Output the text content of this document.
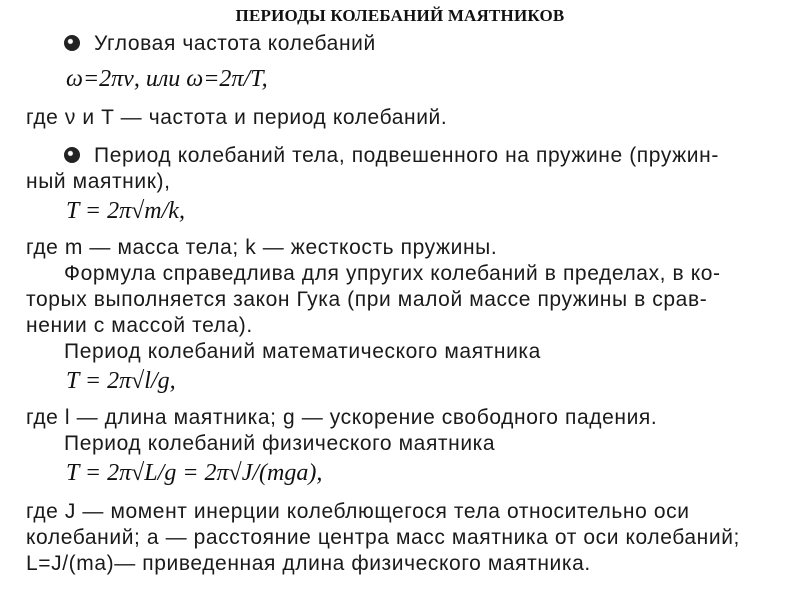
ПЕРИОДЫ КОЛЕБАНИЙ МАЯТНИКОВ
Угловая частота колебаний
ω=2πν, или ω=2π/T,
где ν и T — частота и период колебаний.
Период колебаний тела, подвешенного на пружине (пружин-
ный маятник),
T = 2π√m/k,
где m — масса тела; k — жесткость пружины.
Формула справедлива для упругих колебаний в пределах, в ко-
торых выполняется закон Гука (при малой массе пружины в срав-
нении с массой тела).
Период колебаний математического маятника
T = 2π√l/g,
где l — длина маятника; g — ускорение свободного падения.
Период колебаний физического маятника
T = 2π√L/g = 2π√J/(mga),
где J — момент инерции колеблющегося тела относительно оси
колебаний; a — расстояние центра масс маятника от оси колебаний;
L=J/(ma)— приведенная длина физического маятника.
